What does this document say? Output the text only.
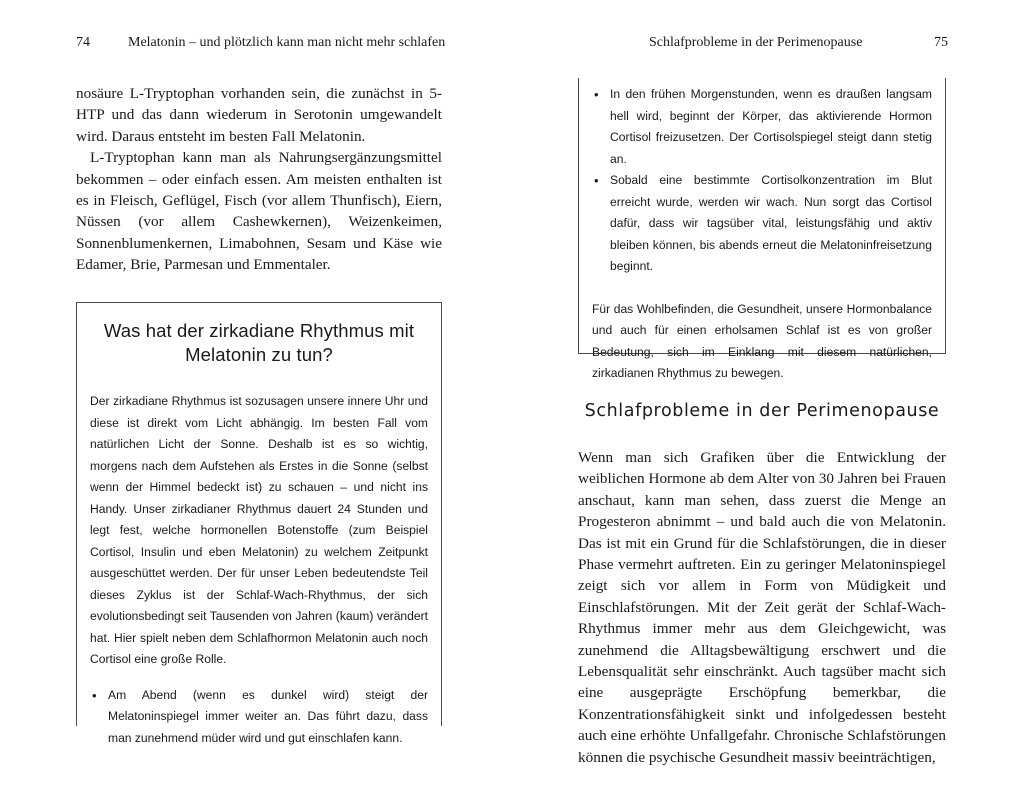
74	Melatonin – und plötzlich kann man nicht mehr schlafen

nosäure L-Tryptophan vorhanden sein, die zunächst in 5-HTP und das dann wiederum in Serotonin umgewandelt wird. Daraus entsteht im besten Fall Melatonin.

L-Tryptophan kann man als Nahrungsergänzungsmittel bekommen – oder einfach essen. Am meisten enthalten ist es in Fleisch, Geflügel, Fisch (vor allem Thunfisch), Eiern, Nüssen (vor allem Cashewkernen), Weizenkeimen, Sonnenblumenkernen, Limabohnen, Sesam und Käse wie Edamer, Brie, Parmesan und Emmentaler.

Was hat der zirkadiane Rhythmus mit Melatonin zu tun?

Der zirkadiane Rhythmus ist sozusagen unsere innere Uhr und diese ist direkt vom Licht abhängig. Im besten Fall vom natürlichen Licht der Sonne. Deshalb ist es so wichtig, morgens nach dem Aufstehen als Erstes in die Sonne (selbst wenn der Himmel bedeckt ist) zu schauen – und nicht ins Handy. Unser zirkadianer Rhythmus dauert 24 Stunden und legt fest, welche hormonellen Botenstoffe (zum Beispiel Cortisol, Insulin und eben Melatonin) zu welchem Zeitpunkt ausgeschüttet werden. Der für unser Leben bedeutendste Teil dieses Zyklus ist der Schlaf-Wach-Rhythmus, der sich evolutionsbedingt seit Tausenden von Jahren (kaum) verändert hat. Hier spielt neben dem Schlafhormon Melatonin auch noch Cortisol eine große Rolle.

• Am Abend (wenn es dunkel wird) steigt der Melatoninspiegel immer weiter an. Das führt dazu, dass man zunehmend müder wird und gut einschlafen kann.
Schlafprobleme in der Perimenopause	75
• In den frühen Morgenstunden, wenn es draußen langsam hell wird, beginnt der Körper, das aktivierende Hormon Cortisol freizusetzen. Der Cortisolspiegel steigt dann stetig an.
• Sobald eine bestimmte Cortisolkonzentration im Blut erreicht wurde, werden wir wach. Nun sorgt das Cortisol dafür, dass wir tagsüber vital, leistungsfähig und aktiv bleiben können, bis abends erneut die Melatoninfreisetzung beginnt.

Für das Wohlbefinden, die Gesundheit, unsere Hormonbalance und auch für einen erholsamen Schlaf ist es von großer Bedeutung, sich im Einklang mit diesem natürlichen, zirkadianen Rhythmus zu bewegen.

Schlafprobleme in der Perimenopause

Wenn man sich Grafiken über die Entwicklung der weiblichen Hormone ab dem Alter von 30 Jahren bei Frauen anschaut, kann man sehen, dass zuerst die Menge an Progesteron abnimmt – und bald auch die von Melatonin. Das ist mit ein Grund für die Schlafstörungen, die in dieser Phase vermehrt auftreten. Ein zu geringer Melatoninspiegel zeigt sich vor allem in Form von Müdigkeit und Einschlafstörungen. Mit der Zeit gerät der Schlaf-Wach-Rhythmus immer mehr aus dem Gleichgewicht, was zunehmend die Alltagsbewältigung erschwert und die Lebensqualität sehr einschränkt. Auch tagsüber macht sich eine ausgeprägte Erschöpfung bemerkbar, die Konzentrationsfähigkeit sinkt und infolgedessen besteht auch eine erhöhte Unfallgefahr. Chronische Schlafstörungen können die psychische Gesundheit massiv beeinträchtigen,
